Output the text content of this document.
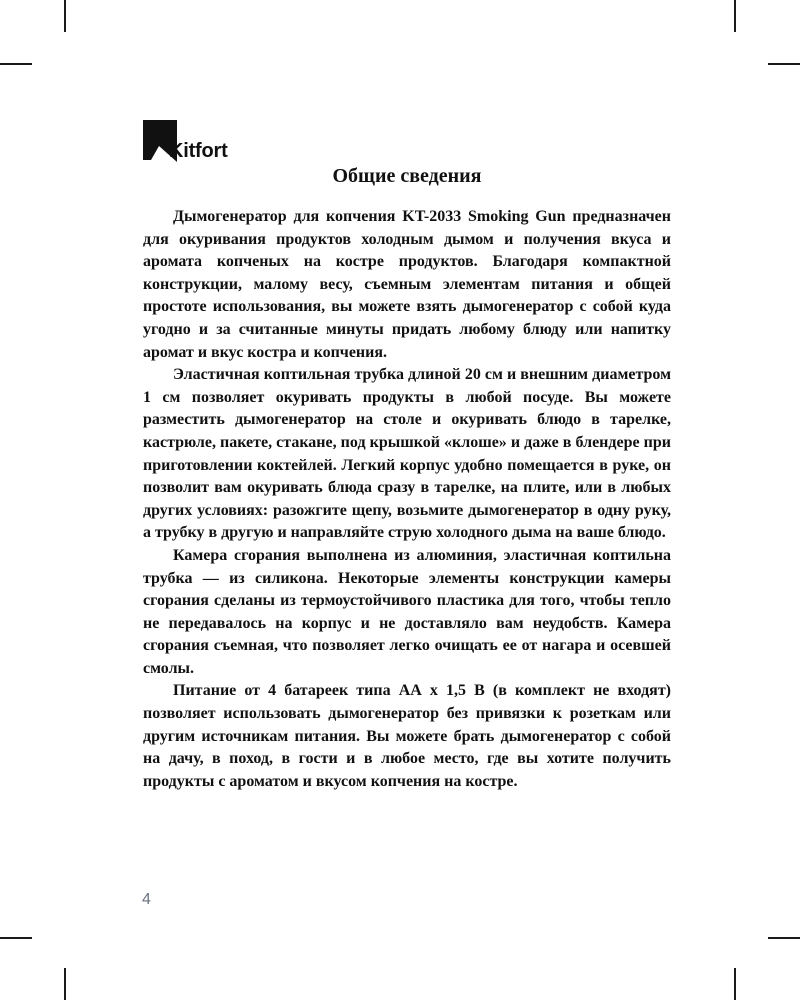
Kitfort
Общие сведения

Дымогенератор для копчения KT-2033 Smoking Gun предназначен для окуривания продуктов холодным дымом и получения вкуса и аромата копченых на костре продуктов. Благодаря компактной конструкции, малому весу, съемным элементам питания и общей простоте использования, вы можете взять дымогенератор с собой куда угодно и за считанные минуты придать любому блюду или напитку аромат и вкус костра и копчения.

Эластичная коптильная трубка длиной 20 см и внешним диаметром 1 см позволяет окуривать продукты в любой посуде. Вы можете разместить дымогенератор на столе и окуривать блюдо в тарелке, кастрюле, пакете, стакане, под крышкой «клоше» и даже в блендере при приготовлении коктейлей. Легкий корпус удобно помещается в руке, он позволит вам окуривать блюда сразу в тарелке, на плите, или в любых других условиях: разожгите щепу, возьмите дымогенератор в одну руку, а трубку в другую и направляйте струю холодного дыма на ваше блюдо.

Камера сгорания выполнена из алюминия, эластичная коптильна трубка — из силикона. Некоторые элементы конструкции камеры сгорания сделаны из термоустойчивого пластика для того, чтобы тепло не передавалось на корпус и не доставляло вам неудобств. Камера сгорания съемная, что позволяет легко очищать ее от нагара и осевшей смолы.

Питание от 4 батареек типа АА х 1,5 В (в комплект не входят) позволяет использовать дымогенератор без привязки к розеткам или другим источникам питания. Вы можете брать дымогенератор с собой на дачу, в поход, в гости и в любое место, где вы хотите получить продукты с ароматом и вкусом копчения на костре.

4
